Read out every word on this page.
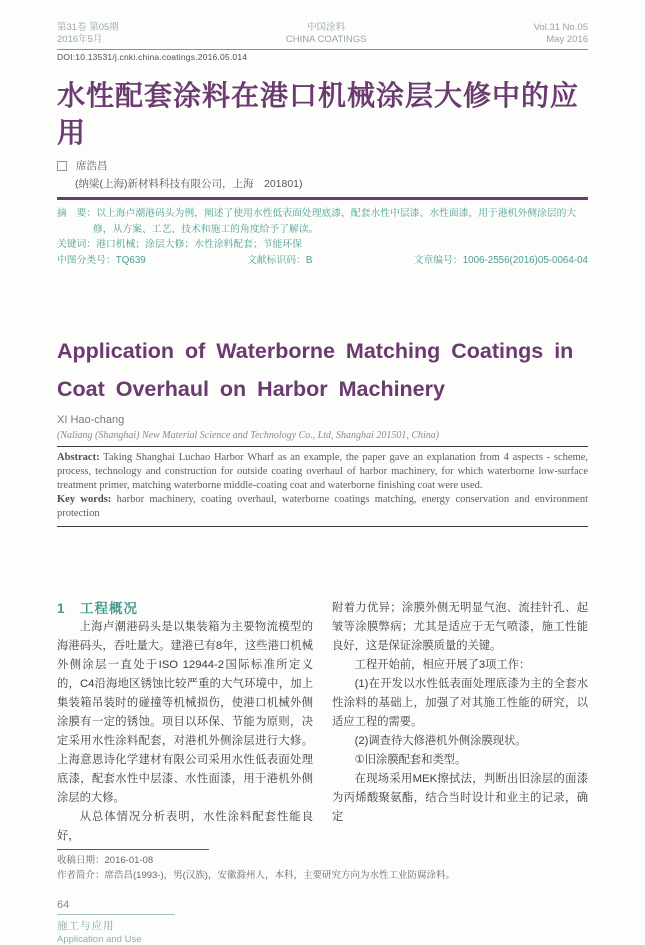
第31卷 第05期
2016年5月
中国涂料
CHINA COATINGS
Vol.31 No.05
May 2016
DOI:10.13531/j.cnki.china.coatings.2016.05.014
水性配套涂料在港口机械涂层大修中的应用
席浩昌
(纳梁(上海)新材料科技有限公司，上海　201801)

摘　要：以上海卢潮港码头为例，阐述了使用水性低表面处理底漆，配套水性中层漆、水性面漆，用于港机外侧涂层的大修，从方案、工艺、技术和施工的角度给予了解读。

关键词：港口机械；涂层大修；水性涂料配套；节能环保

中图分类号：TQ639	文献标识码：B	文章编号：1006-2556(2016)05-0064-04
Application of Waterborne Matching Coatings in
Coat Overhaul on Harbor Machinery
XI Hao-chang
(Naliang (Shanghai) New Material Science and Technology Co., Ltd, Shanghai 201501, China)

Abstract: Taking Shanghai Luchao Harbor Wharf as an example, the paper gave an explanation from 4 aspects - scheme, process, technology and construction for outside coating overhaul of harbor machinery, for which waterborne low-surface treatment primer, matching waterborne middle-coating coat and waterborne finishing coat were used.

Key words: harbor machinery, coating overhaul, waterborne coatings matching, energy conservation and environment protection

1　工程概况

上海卢潮港码头是以集装箱为主要物流模型的海港码头，吞吐量大。建港已有8年，这些港口机械外侧涂层一直处于ISO 12944-2国际标准所定义的，C4沿海地区锈蚀比较严重的大气环境中，加上集装箱吊装时的碰撞等机械损伤，使港口机械外侧涂膜有一定的锈蚀。项目以环保、节能为原则，决定采用水性涂料配套，对港机外侧涂层进行大修。上海意恩诗化学建材有限公司采用水性低表面处理底漆，配套水性中层漆、水性面漆，用于港机外侧涂层的大修。

从总体情况分析表明，水性涂料配套性能良好，

附着力优异；涂膜外侧无明显气泡、流挂针孔、起皱等涂膜弊病；尤其是适应于无气喷漆，施工性能良好，这是保证涂膜质量的关键。

工程开始前，相应开展了3项工作：

(1)在开发以水性低表面处理底漆为主的全套水性涂料的基础上，加强了对其施工性能的研究，以适应工程的需要。

(2)调查待大修港机外侧涂膜现状。

①旧涂膜配套和类型。

在现场采用MEK擦拭法，判断出旧涂层的面漆为丙烯酸聚氨酯，结合当时设计和业主的记录，确定

收稿日期：2016-01-08

作者简介：席浩昌(1993-)，男(汉族)，安徽滁州人，本科，主要研究方向为水性工业防腐涂料。

64
施工与应用
Application and Use
